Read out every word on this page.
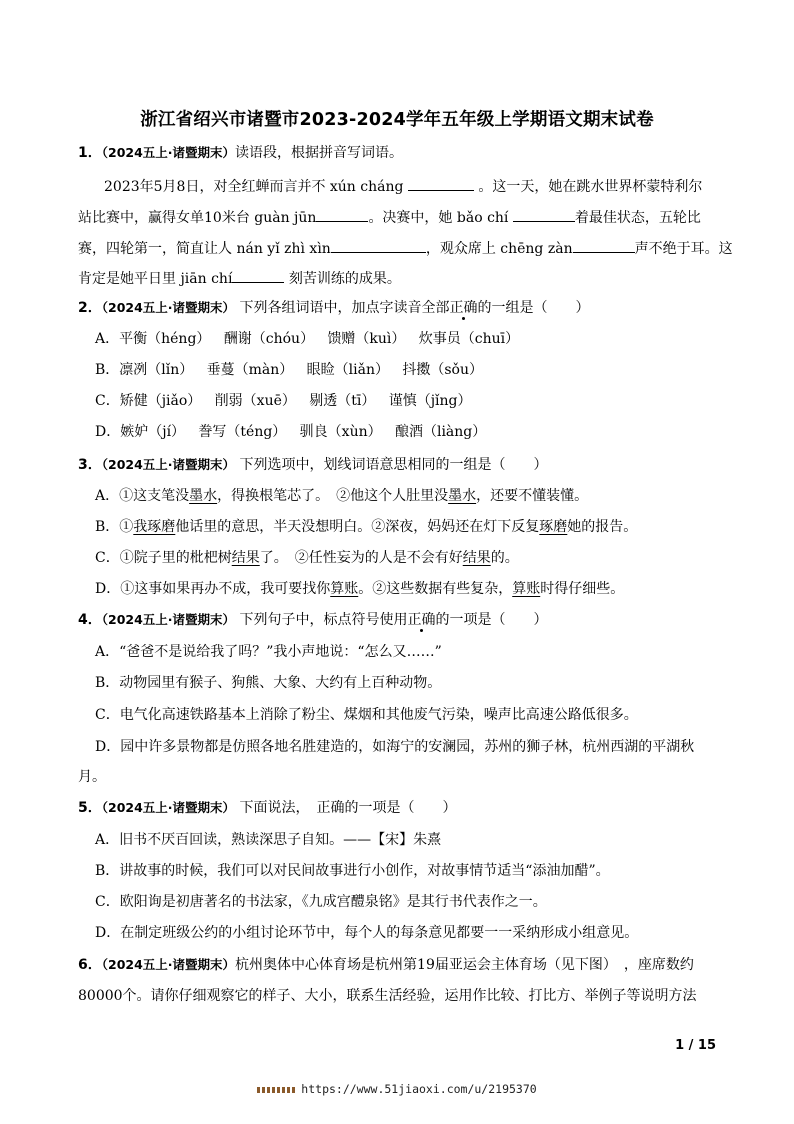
浙江省绍兴市诸暨市2023-2024学年五年级上学期语文期末试卷
1．（2024五上·诸暨期末）读语段，根据拼音写词语。
2023年5月8日，对全红蝉而言并不 xún cháng	。这一天，她在跳水世界杯蒙特利尔
站比赛中，赢得女单10米台 guàn jūn	。决赛中，她 bǎo chí	着最佳状态，五轮比
赛，四轮第一，简直让人 nán yǐ zhì xìn	，观众席上 chēng zàn	声不绝于耳。这
肯定是她平日里 jiān chí	刻苦训练的成果。
2．（2024五上·诸暨期末） 下列各组词语中，加点字读音全部正确的一组是（　　）
A．平衡（héng） 酬谢（chóu） 馈赠（kuì） 炊事员（chuī）
B．凛冽（lǐn） 垂蔓（màn） 眼睑（liǎn） 抖擞（sǒu）
C．矫健（jiǎo） 削弱（xuē） 剔透（tī） 谨慎（jǐng）
D．嫉妒（jí） 誊写（téng） 驯良（xùn） 酿酒（liàng）
3．（2024五上·诸暨期末） 下列选项中，划线词语意思相同的一组是（　　）
A．①这支笔没墨水，得换根笔芯了。　②他这个人肚里没墨水，还要不懂装懂。
B．①我琢磨他话里的意思，半天没想明白。②深夜，妈妈还在灯下反复琢磨她的报告。
C．①院子里的枇杷树结果了。　②任性妄为的人是不会有好结果的。
D．①这事如果再办不成，我可要找你算账。②这些数据有些复杂，算账时得仔细些。
4．（2024五上·诸暨期末） 下列句子中，标点符号使用正确的一项是（　　）
A．“爸爸不是说给我了吗？”我小声地说：“怎么又……”
B．动物园里有猴子、狗熊、大象、大约有上百种动物。
C．电气化高速铁路基本上消除了粉尘、煤烟和其他废气污染，噪声比高速公路低很多。
D．园中许多景物都是仿照各地名胜建造的，如海宁的安澜园，苏州的狮子林，杭州西湖的平湖秋
月。
5．（2024五上·诸暨期末） 下面说法，　正确的一项是（　　）
A．旧书不厌百回读，熟读深思子自知。——【宋】朱熹
B．讲故事的时候，我们可以对民间故事进行小创作，对故事情节适当“添油加醋”。
C．欧阳询是初唐著名的书法家，《九成宫醴泉铭》是其行书代表作之一。
D．在制定班级公约的小组讨论环节中，每个人的每条意见都要一一采纳形成小组意见。
6．（2024五上·诸暨期末）杭州奥体中心体育场是杭州第19届亚运会主体育场（见下图）　，座席数约
80000个。请你仔细观察它的样子、大小，联系生活经验，运用作比较、打比方、举例子等说明方法
1 / 15
https://www.51jiaoxi.com/u/2195370
